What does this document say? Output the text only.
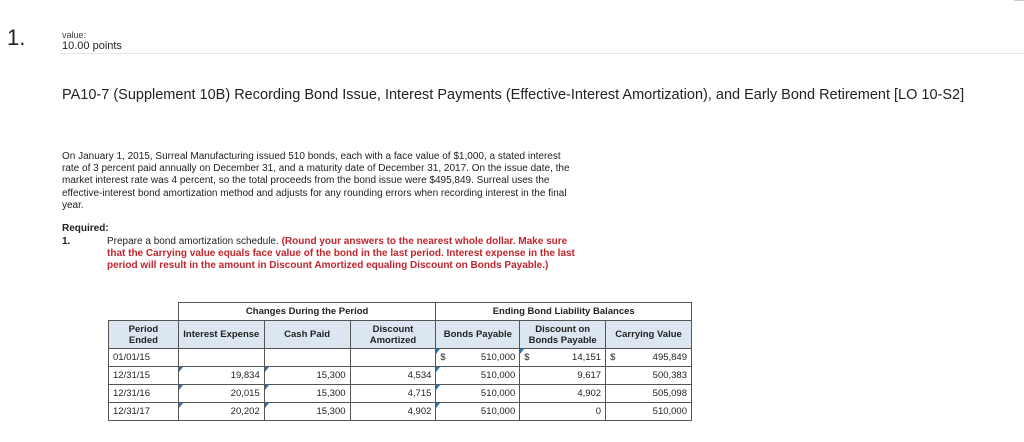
1.	value:
10.00 points
PA10-7 (Supplement 10B) Recording Bond Issue, Interest Payments (Effective-Interest Amortization), and Early Bond Retirement [LO 10-S2]
On January 1, 2015, Surreal Manufacturing issued 510 bonds, each with a face value of $1,000, a stated interest rate of 3 percent paid annually on December 31, and a maturity date of December 31, 2017. On the issue date, the market interest rate was 4 percent, so the total proceeds from the bond issue were $495,849. Surreal uses the effective-interest bond amortization method and adjusts for any rounding errors when recording interest in the final year.
Required:
1.	Prepare a bond amortization schedule. (Round your answers to the nearest whole dollar. Make sure that the Carrying value equals face value of the bond in the last period. Interest expense in the last period will result in the amount in Discount Amortized equaling Discount on Bonds Payable.)
	Changes During the Period			Ending Bond Liability Balances		
Period Ended	Interest Expense	Cash Paid	Discount Amortized	Bonds Payable	Discount on Bonds Payable	Carrying Value
01/01/15				$ 510,000	$ 14,151	$ 495,849

12/31/15	19,834	15,300	4,534	510,000	9,617	500,383
12/31/16	20,015	15,300	4,715	510,000	4,902	505,098
12/31/17	20,202	15,300	4,902	510,000	0	510,000
